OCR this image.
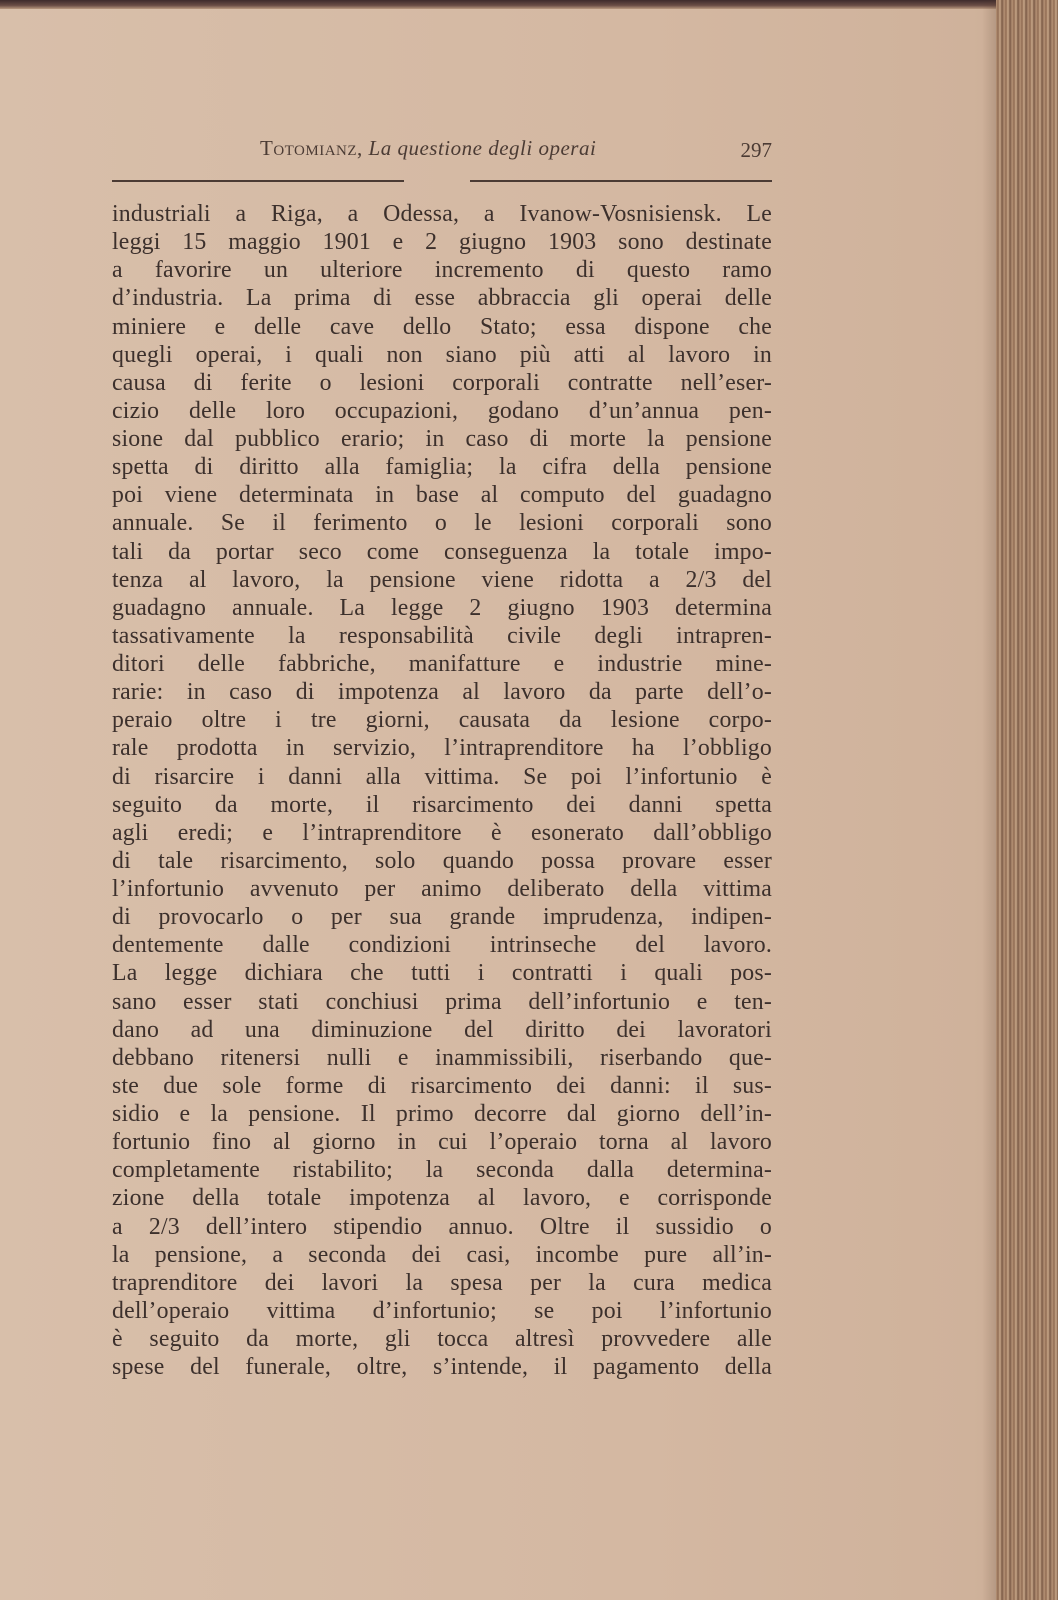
Totomianz, La questione degli operai	297
industriali a Riga, a Odessa, a Ivanow-Vosnisiensk. Le
leggi 15 maggio 1901 e 2 giugno 1903 sono destinate
a favorire un ulteriore incremento di questo ramo
d’industria. La prima di esse abbraccia gli operai delle
miniere e delle cave dello Stato; essa dispone che
quegli operai, i quali non siano più atti al lavoro in
causa di ferite o lesioni corporali contratte nell’eser-
cizio delle loro occupazioni, godano d’un’annua pen-
sione dal pubblico erario; in caso di morte la pensione
spetta di diritto alla famiglia; la cifra della pensione
poi viene determinata in base al computo del guadagno
annuale. Se il ferimento o le lesioni corporali sono
tali da portar seco come conseguenza la totale impo-
tenza al lavoro, la pensione viene ridotta a 2/3 del
guadagno annuale. La legge 2 giugno 1903 determina
tassativamente la responsabilità civile degli intrapren-
ditori delle fabbriche, manifatture e industrie mine-
rarie: in caso di impotenza al lavoro da parte dell’o-
peraio oltre i tre giorni, causata da lesione corpo-
rale prodotta in servizio, l’intraprenditore ha l’obbligo
di risarcire i danni alla vittima. Se poi l’infortunio è
seguito da morte, il risarcimento dei danni spetta
agli eredi; e l’intraprenditore è esonerato dall’obbligo
di tale risarcimento, solo quando possa provare esser
l’infortunio avvenuto per animo deliberato della vittima
di provocarlo o per sua grande imprudenza, indipen-
dentemente dalle condizioni intrinseche del lavoro.
La legge dichiara che tutti i contratti i quali pos-
sano esser stati conchiusi prima dell’infortunio e ten-
dano ad una diminuzione del diritto dei lavoratori
debbano ritenersi nulli e inammissibili, riserbando que-
ste due sole forme di risarcimento dei danni: il sus-
sidio e la pensione. Il primo decorre dal giorno dell’in-
fortunio fino al giorno in cui l’operaio torna al lavoro
completamente ristabilito; la seconda dalla determina-
zione della totale impotenza al lavoro, e corrisponde
a 2/3 dell’intero stipendio annuo. Oltre il sussidio o
la pensione, a seconda dei casi, incombe pure all’in-
traprenditore dei lavori la spesa per la cura medica
dell’operaio vittima d’infortunio; se poi l’infortunio
è seguito da morte, gli tocca altresì provvedere alle
spese del funerale, oltre, s’intende, il pagamento della
